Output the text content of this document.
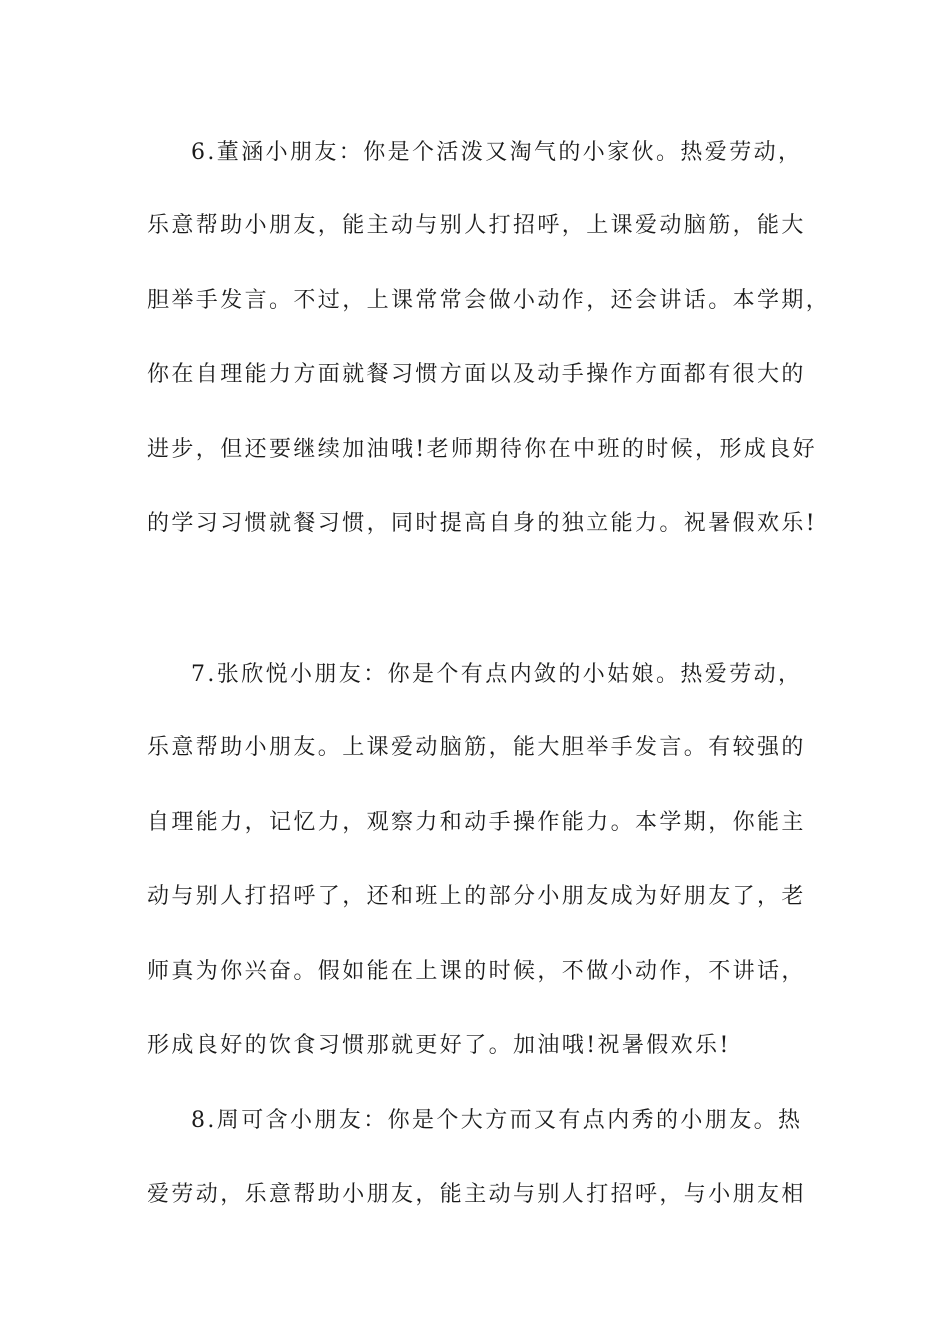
6.董涵小朋友：你是个活泼又淘气的小家伙。热爱劳动，
乐意帮助小朋友，能主动与别人打招呼，上课爱动脑筋，能大
胆举手发言。不过，上课常常会做小动作，还会讲话。本学期，
你在自理能力方面就餐习惯方面以及动手操作方面都有很大的
进步，但还要继续加油哦!老师期待你在中班的时候，形成良好
的学习习惯就餐习惯，同时提高自身的独立能力。祝暑假欢乐!
7.张欣悦小朋友：你是个有点内敛的小姑娘。热爱劳动，
乐意帮助小朋友。上课爱动脑筋，能大胆举手发言。有较强的
自理能力，记忆力，观察力和动手操作能力。本学期，你能主
动与别人打招呼了，还和班上的部分小朋友成为好朋友了，老
师真为你兴奋。假如能在上课的时候，不做小动作，不讲话，
形成良好的饮食习惯那就更好了。加油哦!祝暑假欢乐!
8.周可含小朋友：你是个大方而又有点内秀的小朋友。热
爱劳动，乐意帮助小朋友，能主动与别人打招呼，与小朋友相
